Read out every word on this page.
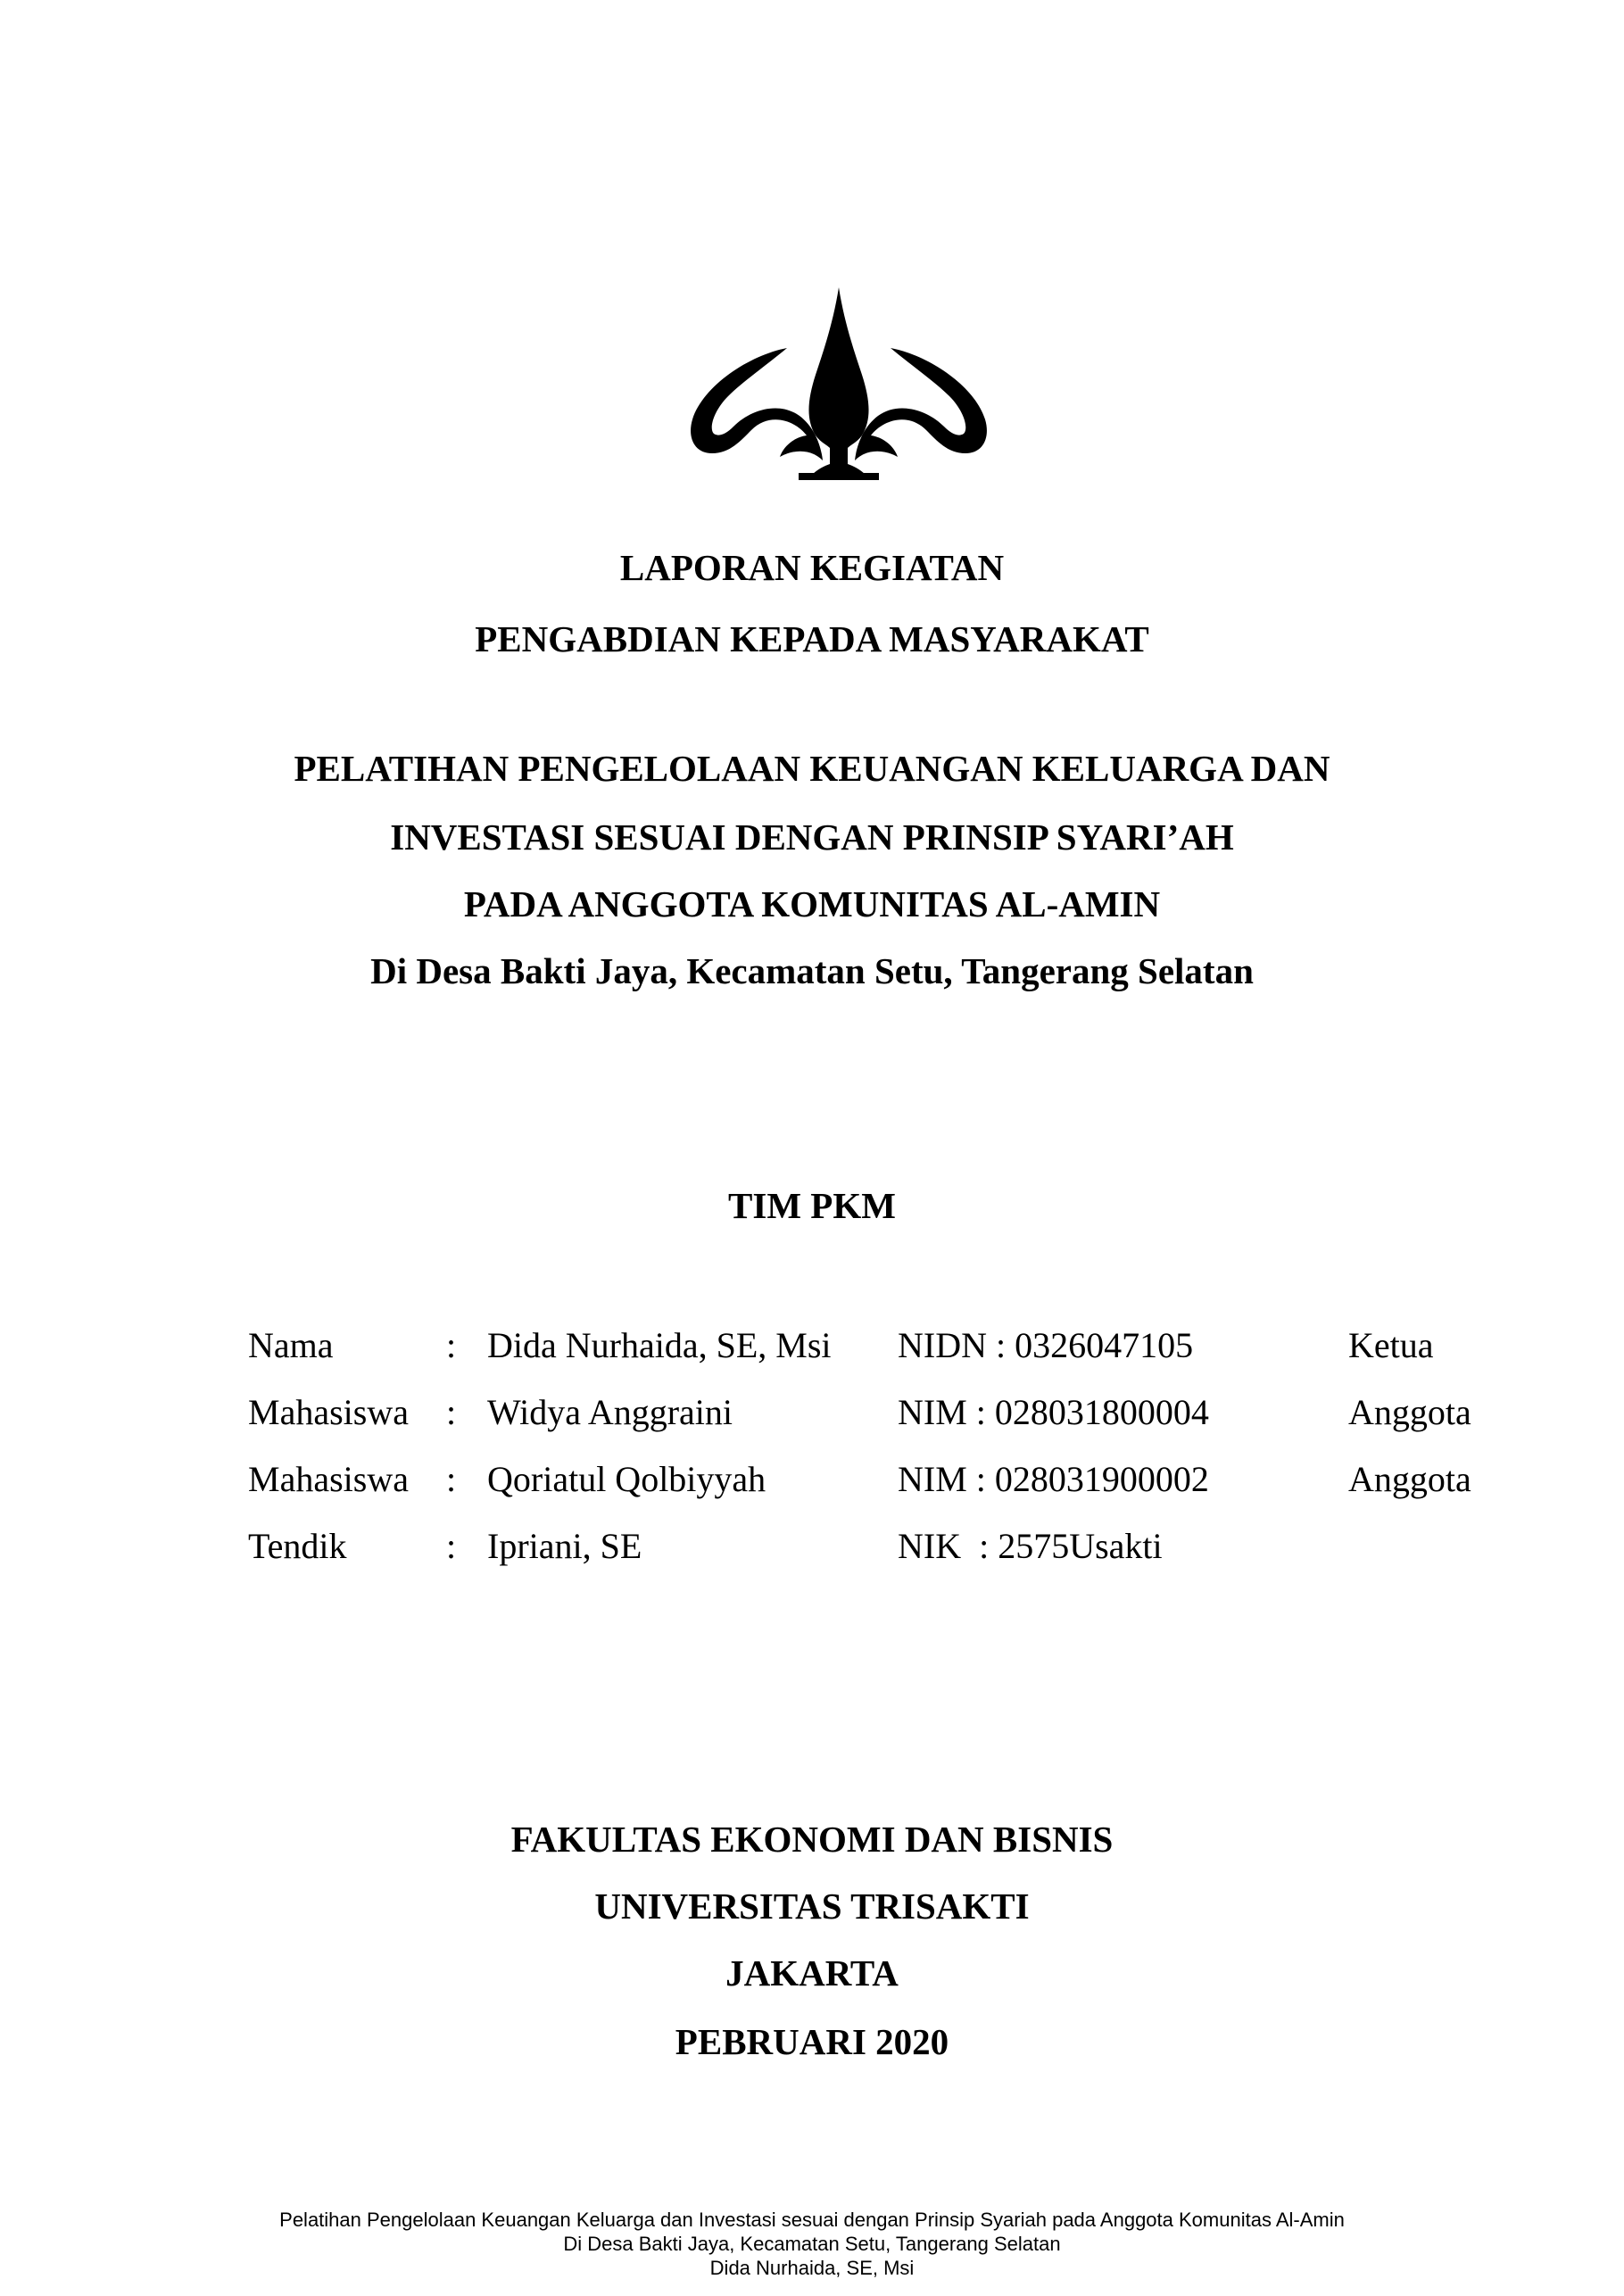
LAPORAN KEGIATAN
PENGABDIAN KEPADA MASYARAKAT
PELATIHAN PENGELOLAAN KEUANGAN KELUARGA DAN
INVESTASI SESUAI DENGAN PRINSIP SYARI’AH
PADA ANGGOTA KOMUNITAS AL-AMIN
Di Desa Bakti Jaya, Kecamatan Setu, Tangerang Selatan
TIM PKM
Nama	:	Dida Nurhaida, SE, Msi	NIDN : 0326047105	Ketua
Mahasiswa	:	Widya Anggraini	NIM : 028031800004	Anggota
Mahasiswa	:	Qoriatul Qolbiyyah	NIM : 028031900002	Anggota
Tendik	:	Ipriani, SE	NIK  : 2575Usakti	
FAKULTAS EKONOMI DAN BISNIS
UNIVERSITAS TRISAKTI
JAKARTA
PEBRUARI 2020
Pelatihan Pengelolaan Keuangan Keluarga dan Investasi sesuai dengan Prinsip Syariah pada Anggota Komunitas Al-Amin
Di Desa Bakti Jaya, Kecamatan Setu, Tangerang Selatan
Dida Nurhaida, SE, Msi
